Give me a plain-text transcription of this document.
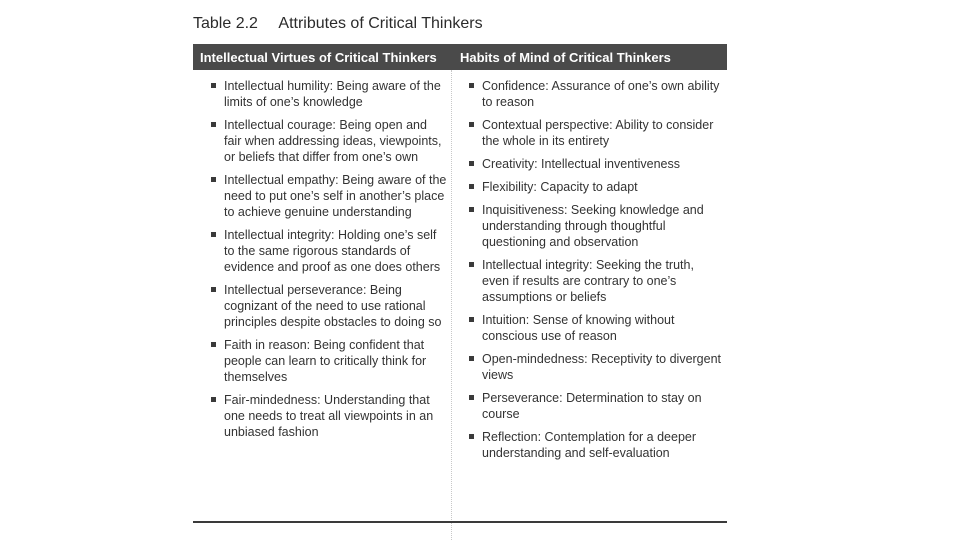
Table 2.2 Attributes of Critical Thinkers
Intellectual Virtues of Critical Thinkers	Habits of Mind of Critical Thinkers
Intellectual humility: Being aware of the limits of one’s knowledge
Intellectual courage: Being open and fair when addressing ideas, viewpoints, or beliefs that differ from one’s own
Intellectual empathy: Being aware of the need to put one’s self in another’s place to achieve genuine understanding
Intellectual integrity: Holding one’s self to the same rigorous standards of evidence and proof as one does others
Intellectual perseverance: Being cognizant of the need to use rational principles despite obstacles to doing so
Faith in reason: Being confident that people can learn to critically think for themselves
Fair-mindedness: Understanding that one needs to treat all viewpoints in an unbiased fashion
Confidence: Assurance of one’s own ability to reason
Contextual perspective: Ability to consider the whole in its entirety
Creativity: Intellectual inventiveness
Flexibility: Capacity to adapt
Inquisitiveness: Seeking knowledge and understanding through thoughtful questioning and observation
Intellectual integrity: Seeking the truth, even if results are contrary to one’s assumptions or beliefs
Intuition: Sense of knowing without conscious use of reason
Open-mindedness: Receptivity to divergent views
Perseverance: Determination to stay on course
Reflection: Contemplation for a deeper understanding and self-evaluation
